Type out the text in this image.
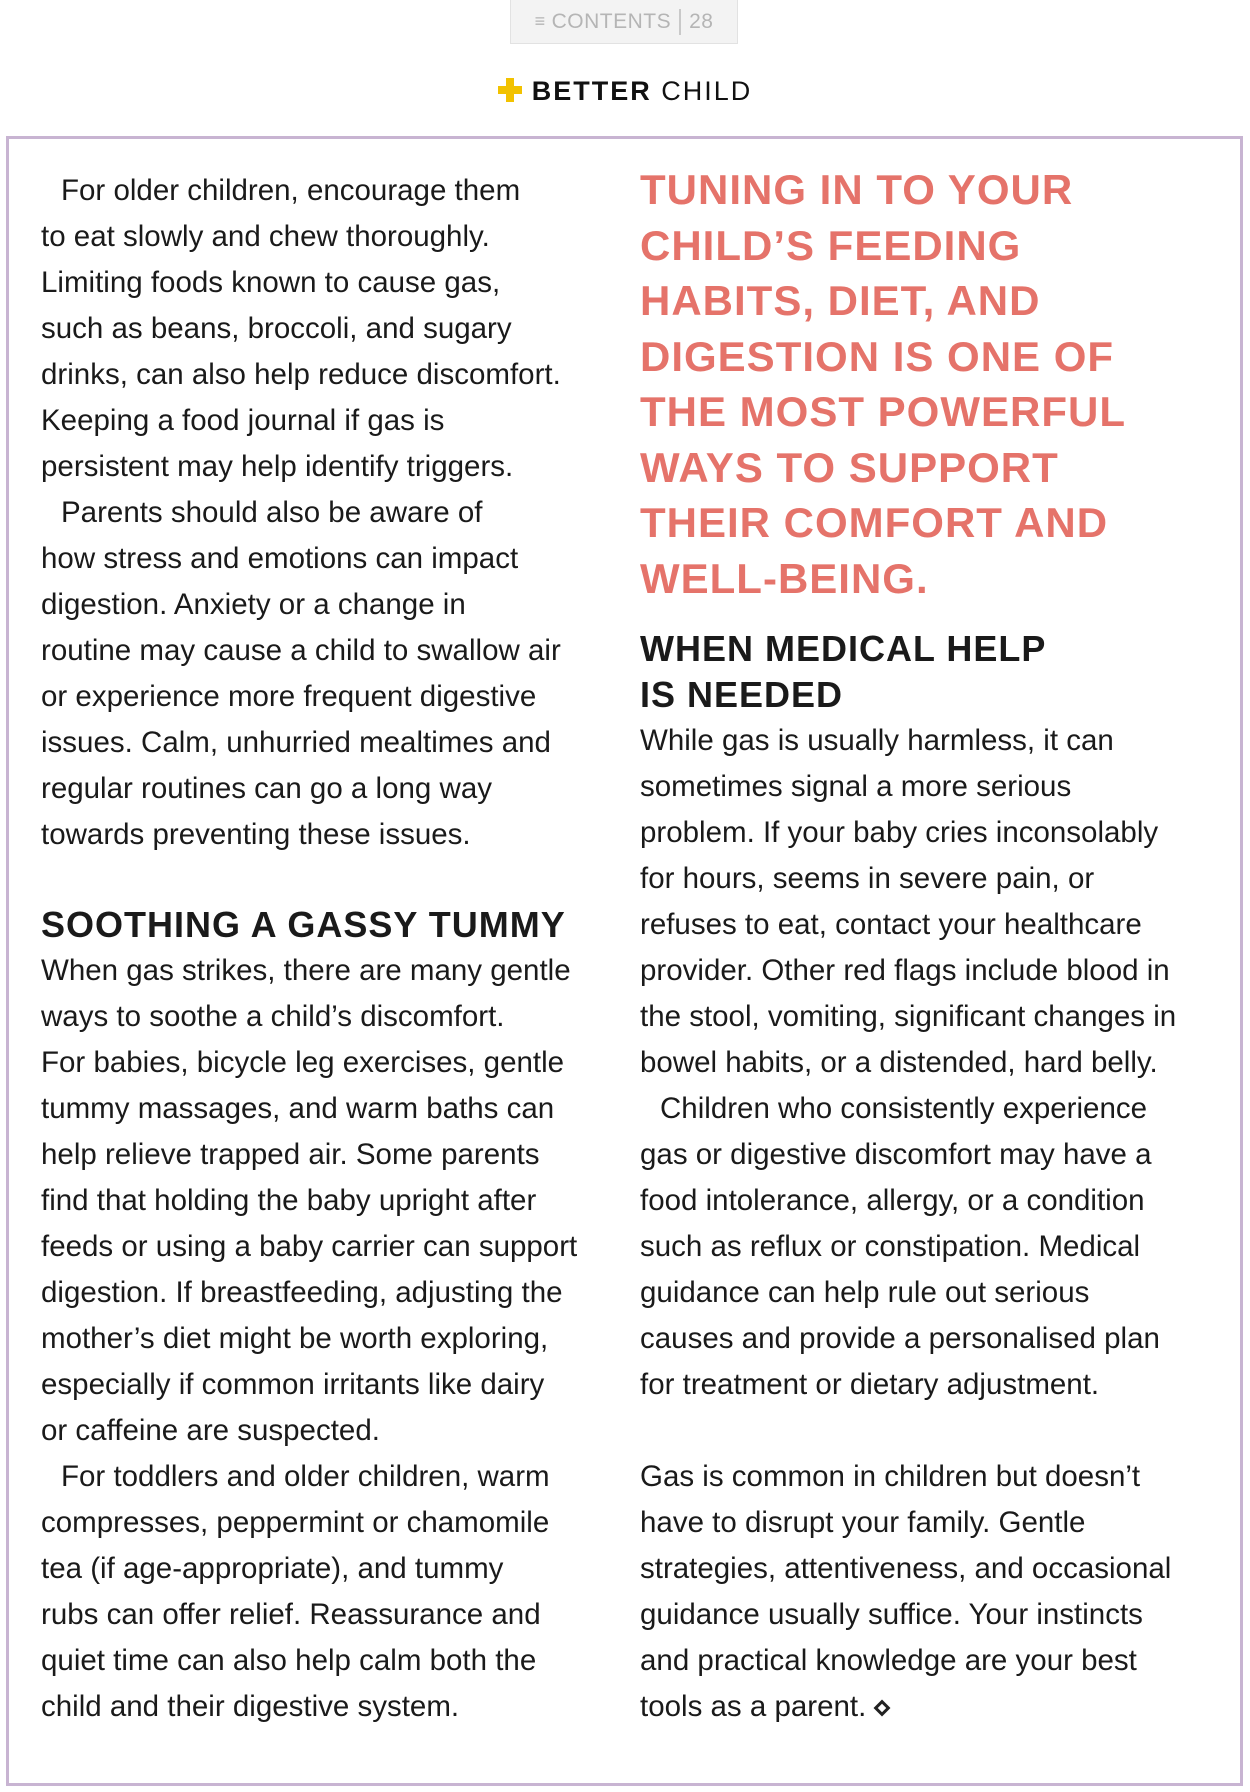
≡ CONTENTS 28
BETTER CHILD

For older children, encourage them
to eat slowly and chew thoroughly.
Limiting foods known to cause gas,
such as beans, broccoli, and sugary
drinks, can also help reduce discomfort.
Keeping a food journal if gas is
persistent may help identify triggers.

Parents should also be aware of
how stress and emotions can impact
digestion. Anxiety or a change in
routine may cause a child to swallow air
or experience more frequent digestive
issues. Calm, unhurried mealtimes and
regular routines can go a long way
towards preventing these issues.

SOOTHING A GASSY TUMMY

When gas strikes, there are many gentle
ways to soothe a child’s discomfort.
For babies, bicycle leg exercises, gentle
tummy massages, and warm baths can
help relieve trapped air. Some parents
find that holding the baby upright after
feeds or using a baby carrier can support
digestion. If breastfeeding, adjusting the
mother’s diet might be worth exploring,
especially if common irritants like dairy
or caffeine are suspected.

For toddlers and older children, warm
compresses, peppermint or chamomile
tea (if age-appropriate), and tummy
rubs can offer relief. Reassurance and
quiet time can also help calm both the
child and their digestive system.

TUNING IN TO YOUR
CHILD’S FEEDING
HABITS, DIET, AND
DIGESTION IS ONE OF
THE MOST POWERFUL
WAYS TO SUPPORT
THEIR COMFORT AND
WELL-BEING.

WHEN MEDICAL HELP
IS NEEDED

While gas is usually harmless, it can
sometimes signal a more serious
problem. If your baby cries inconsolably
for hours, seems in severe pain, or
refuses to eat, contact your healthcare
provider. Other red flags include blood in
the stool, vomiting, significant changes in
bowel habits, or a distended, hard belly.

Children who consistently experience
gas or digestive discomfort may have a
food intolerance, allergy, or a condition
such as reflux or constipation. Medical
guidance can help rule out serious
causes and provide a personalised plan
for treatment or dietary adjustment.

Gas is common in children but doesn’t
have to disrupt your family. Gentle
strategies, attentiveness, and occasional
guidance usually suffice. Your instincts
and practical knowledge are your best
tools as a parent.
